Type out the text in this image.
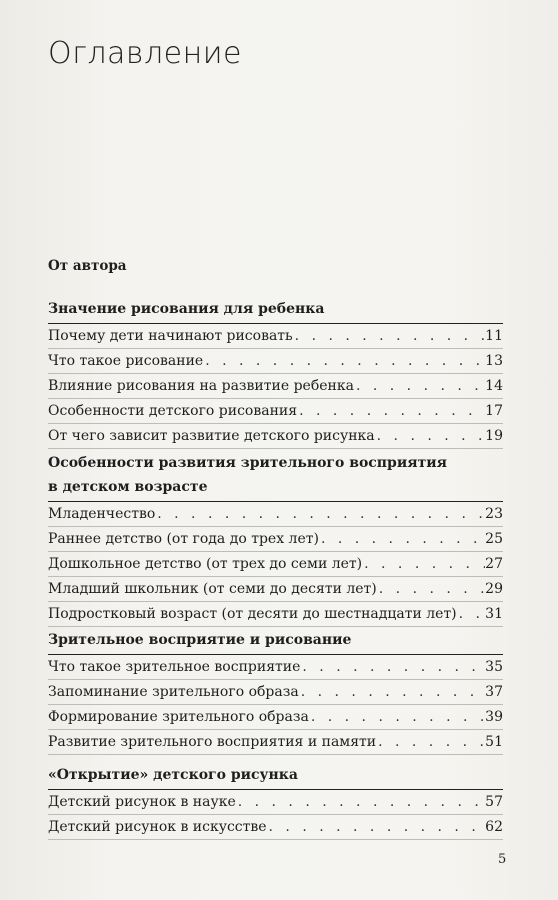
Оглавление
От автора
Значение рисования для ребенка
Почему дети начинают рисовать . . .	11
Что такое рисование . . .	13
Влияние рисования на развитие ребенка . . .	14
Особенности детского рисования . . .	17
От чего зависит развитие детского рисунка . . .	19
Особенности развития зрительного восприятия
в детском возрасте
Младенчество . . .	23
Раннее детство (от года до трех лет) . . .	25
Дошкольное детство (от трех до семи лет) . . .	27
Младший школьник (от семи до десяти лет) . . .	29
Подростковый возраст (от десяти до шестнадцати лет) . . . 31
Зрительное восприятие и рисование
Что такое зрительное восприятие . . .	35
Запоминание зрительного образа . . .	37
Формирование зрительного образа . . .	39
Развитие зрительного восприятия и памяти . . .	51
«Открытие» детского рисунка
Детский рисунок в науке . . .	57
Детский рисунок в искусстве . . .	62
5
